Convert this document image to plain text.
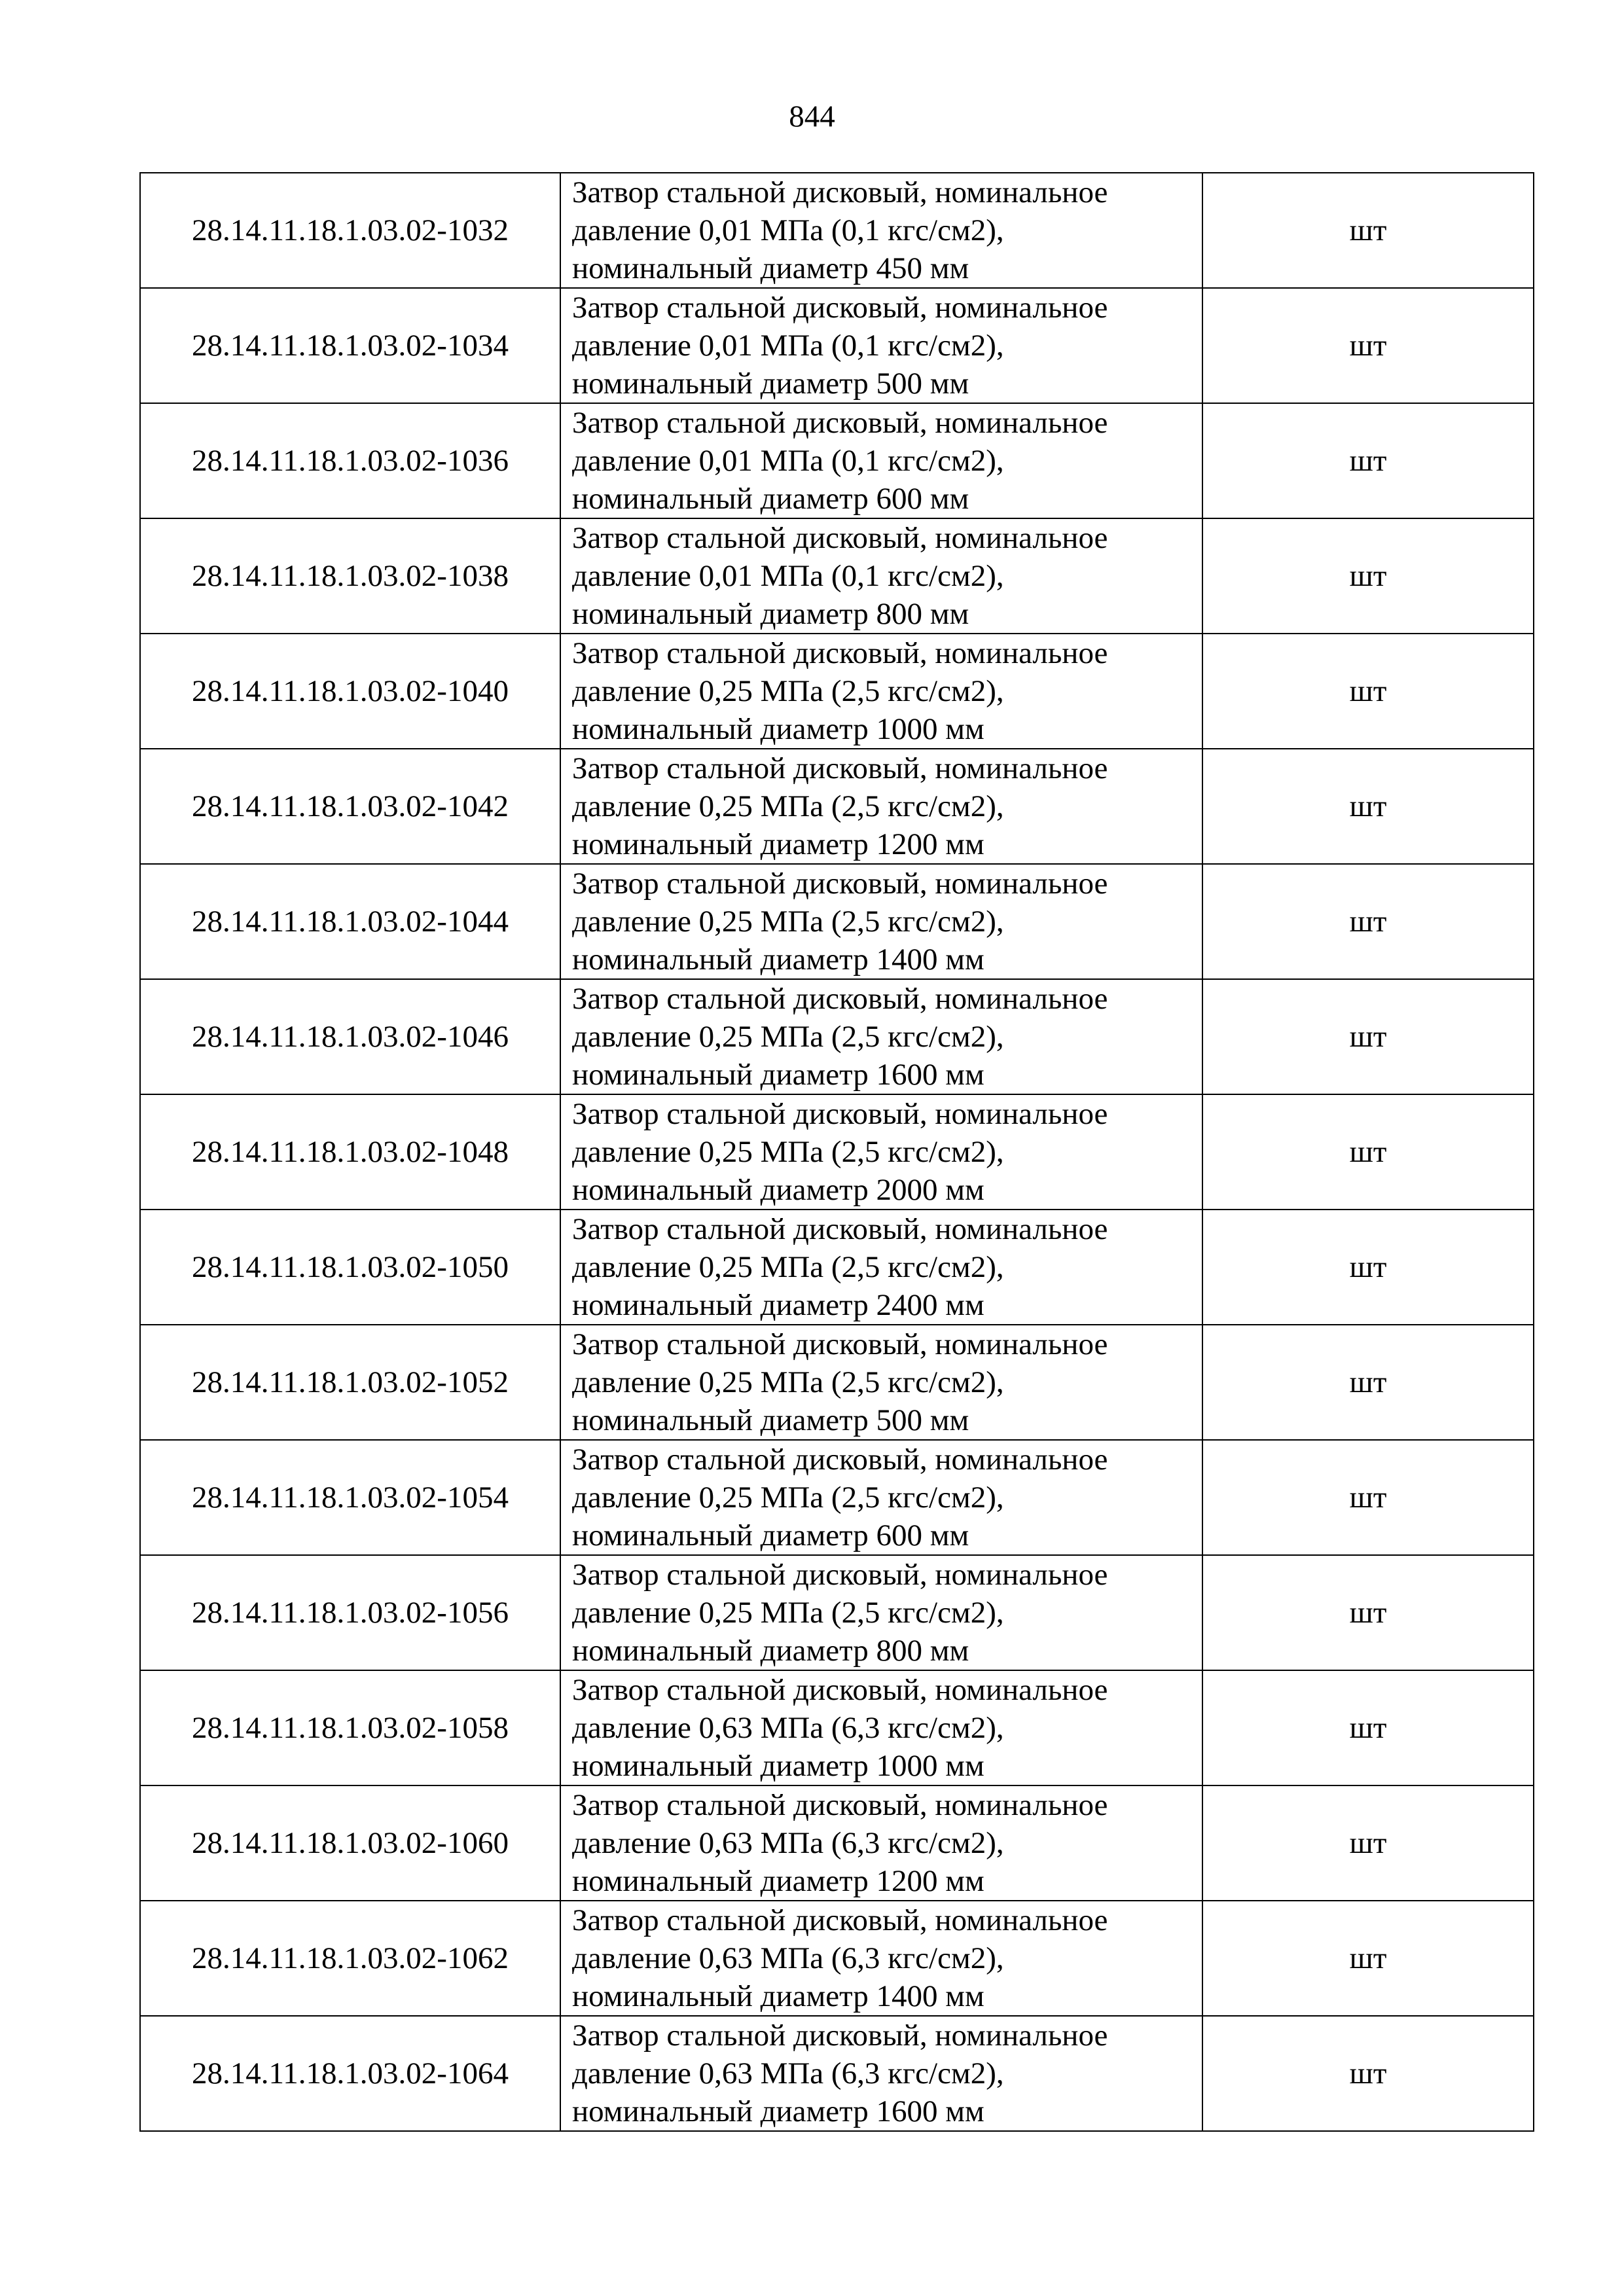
844
28.14.11.18.1.03.02-1032	Затвор стальной дисковый, номинальное
давление 0,01 МПа (0,1 кгс/см2),
номинальный диаметр 450 мм	шт
28.14.11.18.1.03.02-1034	Затвор стальной дисковый, номинальное
давление 0,01 МПа (0,1 кгс/см2),
номинальный диаметр 500 мм	шт
28.14.11.18.1.03.02-1036	Затвор стальной дисковый, номинальное
давление 0,01 МПа (0,1 кгс/см2),
номинальный диаметр 600 мм	шт
28.14.11.18.1.03.02-1038	Затвор стальной дисковый, номинальное
давление 0,01 МПа (0,1 кгс/см2),
номинальный диаметр 800 мм	шт
28.14.11.18.1.03.02-1040	Затвор стальной дисковый, номинальное
давление 0,25 МПа (2,5 кгс/см2),
номинальный диаметр 1000 мм	шт
28.14.11.18.1.03.02-1042	Затвор стальной дисковый, номинальное
давление 0,25 МПа (2,5 кгс/см2),
номинальный диаметр 1200 мм	шт
28.14.11.18.1.03.02-1044	Затвор стальной дисковый, номинальное
давление 0,25 МПа (2,5 кгс/см2),
номинальный диаметр 1400 мм	шт
28.14.11.18.1.03.02-1046	Затвор стальной дисковый, номинальное
давление 0,25 МПа (2,5 кгс/см2),
номинальный диаметр 1600 мм	шт
28.14.11.18.1.03.02-1048	Затвор стальной дисковый, номинальное
давление 0,25 МПа (2,5 кгс/см2),
номинальный диаметр 2000 мм	шт
28.14.11.18.1.03.02-1050	Затвор стальной дисковый, номинальное
давление 0,25 МПа (2,5 кгс/см2),
номинальный диаметр 2400 мм	шт
28.14.11.18.1.03.02-1052	Затвор стальной дисковый, номинальное
давление 0,25 МПа (2,5 кгс/см2),
номинальный диаметр 500 мм	шт
28.14.11.18.1.03.02-1054	Затвор стальной дисковый, номинальное
давление 0,25 МПа (2,5 кгс/см2),
номинальный диаметр 600 мм	шт
28.14.11.18.1.03.02-1056	Затвор стальной дисковый, номинальное
давление 0,25 МПа (2,5 кгс/см2),
номинальный диаметр 800 мм	шт
28.14.11.18.1.03.02-1058	Затвор стальной дисковый, номинальное
давление 0,63 МПа (6,3 кгс/см2),
номинальный диаметр 1000 мм	шт
28.14.11.18.1.03.02-1060	Затвор стальной дисковый, номинальное
давление 0,63 МПа (6,3 кгс/см2),
номинальный диаметр 1200 мм	шт
28.14.11.18.1.03.02-1062	Затвор стальной дисковый, номинальное
давление 0,63 МПа (6,3 кгс/см2),
номинальный диаметр 1400 мм	шт
28.14.11.18.1.03.02-1064	Затвор стальной дисковый, номинальное
давление 0,63 МПа (6,3 кгс/см2),
номинальный диаметр 1600 мм	шт
